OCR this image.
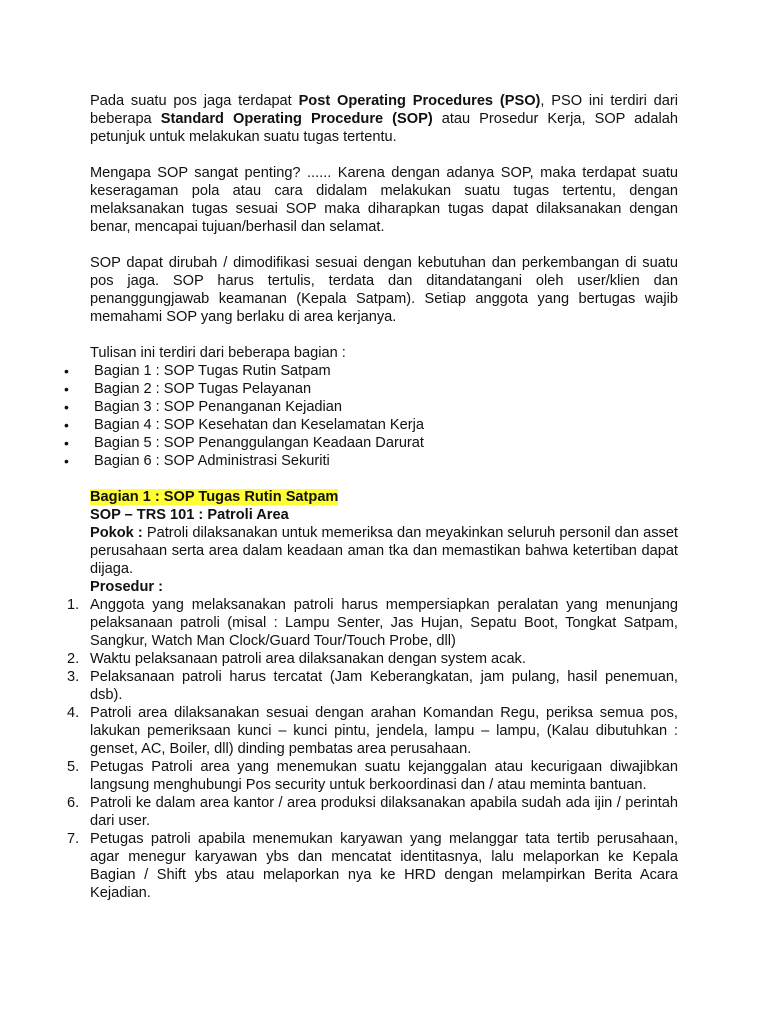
Pada suatu pos jaga terdapat Post Operating Procedures (PSO), PSO ini terdiri dari beberapa Standard Operating Procedure (SOP) atau Prosedur Kerja, SOP adalah petunjuk untuk melakukan suatu tugas tertentu.

Mengapa SOP sangat penting? ...... Karena dengan adanya SOP, maka terdapat suatu keseragaman pola atau cara didalam melakukan suatu tugas tertentu, dengan melaksanakan tugas sesuai SOP maka diharapkan tugas dapat dilaksanakan dengan benar, mencapai tujuan/berhasil dan selamat.

SOP dapat dirubah / dimodifikasi sesuai dengan kebutuhan dan perkembangan di suatu pos jaga. SOP harus tertulis, terdata dan ditandatangani oleh user/klien dan penanggungjawab keamanan (Kepala Satpam). Setiap anggota yang bertugas wajib memahami SOP yang berlaku di area kerjanya.

Tulisan ini terdiri dari beberapa bagian :

• Bagian 1 : SOP Tugas Rutin Satpam
• Bagian 2 : SOP Tugas Pelayanan
• Bagian 3 : SOP Penanganan Kejadian
• Bagian 4 : SOP Kesehatan dan Keselamatan Kerja
• Bagian 5 : SOP Penanggulangan Keadaan Darurat
• Bagian 6 : SOP Administrasi Sekuriti

Bagian 1 : SOP Tugas Rutin Satpam

SOP – TRS 101 : Patroli Area

Pokok : Patroli dilaksanakan untuk memeriksa dan meyakinkan seluruh personil dan asset perusahaan serta area dalam keadaan aman tka dan memastikan bahwa ketertiban dapat dijaga.

Prosedur :

1. Anggota yang melaksanakan patroli harus mempersiapkan peralatan yang menunjang pelaksanaan patroli (misal : Lampu Senter, Jas Hujan, Sepatu Boot, Tongkat Satpam, Sangkur, Watch Man Clock/Guard Tour/Touch Probe, dll)
2. Waktu pelaksanaan patroli area dilaksanakan dengan system acak.
3. Pelaksanaan patroli harus tercatat (Jam Keberangkatan, jam pulang, hasil penemuan, dsb).
4. Patroli area dilaksanakan sesuai dengan arahan Komandan Regu, periksa semua pos, lakukan pemeriksaan kunci – kunci pintu, jendela, lampu – lampu, (Kalau dibutuhkan : genset, AC, Boiler, dll) dinding pembatas area perusahaan.
5. Petugas Patroli area yang menemukan suatu kejanggalan atau kecurigaan diwajibkan langsung menghubungi Pos security untuk berkoordinasi dan / atau meminta bantuan.
6. Patroli ke dalam area kantor / area produksi dilaksanakan apabila sudah ada ijin / perintah dari user.
7. Petugas patroli apabila menemukan karyawan yang melanggar tata tertib perusahaan, agar menegur karyawan ybs dan mencatat identitasnya, lalu melaporkan ke Kepala Bagian / Shift ybs atau melaporkan nya ke HRD dengan melampirkan Berita Acara Kejadian.
